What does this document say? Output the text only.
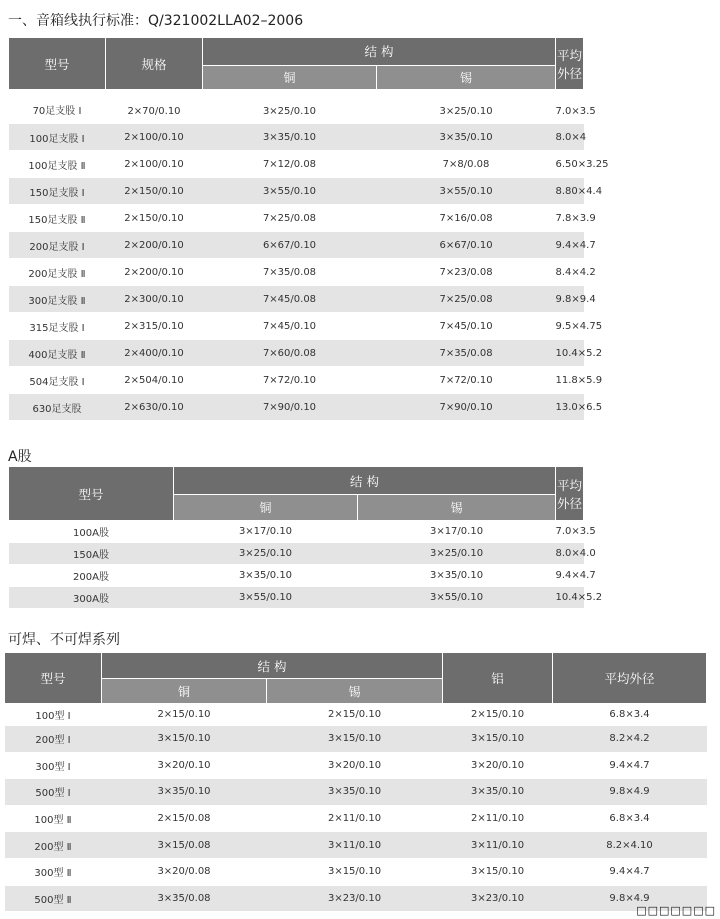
一、音箱线执行标准：Q/321002LLA02–2006
型号	规格	结 构		平均外径
		铜	锡	
70足支股 Ⅰ	2×70/0.10	3×25/0.10	3×25/0.10	7.0×3.5
100足支股 Ⅰ	2×100/0.10	3×35/0.10	3×35/0.10	8.0×4
100足支股 Ⅱ	2×100/0.10	7×12/0.08	7×8/0.08	6.50×3.25
150足支股 Ⅰ	2×150/0.10	3×55/0.10	3×55/0.10	8.80×4.4
150足支股 Ⅱ	2×150/0.10	7×25/0.08	7×16/0.08	7.8×3.9
200足支股 Ⅰ	2×200/0.10	6×67/0.10	6×67/0.10	9.4×4.7
200足支股 Ⅱ	2×200/0.10	7×35/0.08	7×23/0.08	8.4×4.2
300足支股 Ⅱ	2×300/0.10	7×45/0.08	7×25/0.08	9.8×9.4
315足支股 Ⅰ	2×315/0.10	7×45/0.10	7×45/0.10	9.5×4.75
400足支股 Ⅱ	2×400/0.10	7×60/0.08	7×35/0.08	10.4×5.2
504足支股 Ⅰ	2×504/0.10	7×72/0.10	7×72/0.10	11.8×5.9
630足支股	2×630/0.10	7×90/0.10	7×90/0.10	13.0×6.5
A股
型号	结 构		平均外径
	铜	锡	
100A股	3×17/0.10	3×17/0.10	7.0×3.5
150A股	3×25/0.10	3×25/0.10	8.0×4.0
200A股	3×35/0.10	3×35/0.10	9.4×4.7
300A股	3×55/0.10	3×55/0.10	10.4×5.2
可焊、不可焊系列
型号	结 构		铝	平均外径
	铜	锡		
100型 Ⅰ	2×15/0.10	2×15/0.10	2×15/0.10	6.8×3.4
200型 Ⅰ	3×15/0.10	3×15/0.10	3×15/0.10	8.2×4.2
300型 Ⅰ	3×20/0.10	3×20/0.10	3×20/0.10	9.4×4.7
500型 Ⅰ	3×35/0.10	3×35/0.10	3×35/0.10	9.8×4.9
100型 Ⅱ	2×15/0.08	2×11/0.10	2×11/0.10	6.8×3.4
200型 Ⅱ	3×15/0.08	3×11/0.10	3×11/0.10	8.2×4.10
300型 Ⅱ	3×20/0.08	3×15/0.10	3×15/0.10	9.4×4.7
500型 Ⅱ	3×35/0.08	3×23/0.10	3×23/0.10	9.8×4.9
□□□□□□□
